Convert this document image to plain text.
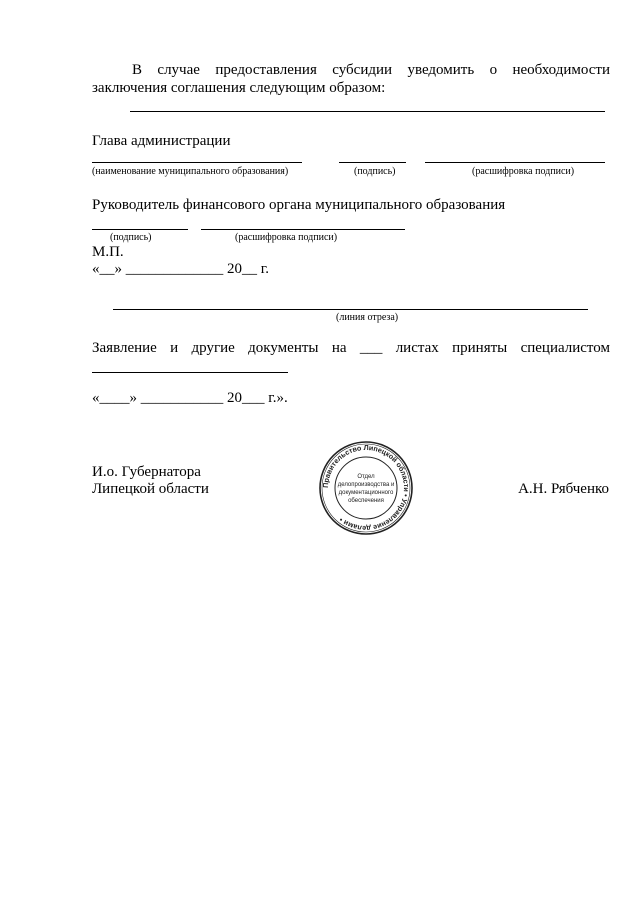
В случае предоставления субсидии уведомить о необходимости
заключения соглашения следующим образом:
Глава администрации
(наименование муниципального образования)	(подпись)	(расшифровка подписи)
Руководитель финансового органа муниципального образования
(подпись)	(расшифровка подписи)
М.П.
«__» _____________ 20__ г.
(линия отреза)
Заявление и другие документы на ___ листах приняты специалистом
«____» ___________ 20___ г.».
И.о. Губернатора
Липецкой области	А.Н. Рябченко
Правительство Липецкой области • Управление делами •
Отдел
делопроизводства и
документационного
обеспечения
